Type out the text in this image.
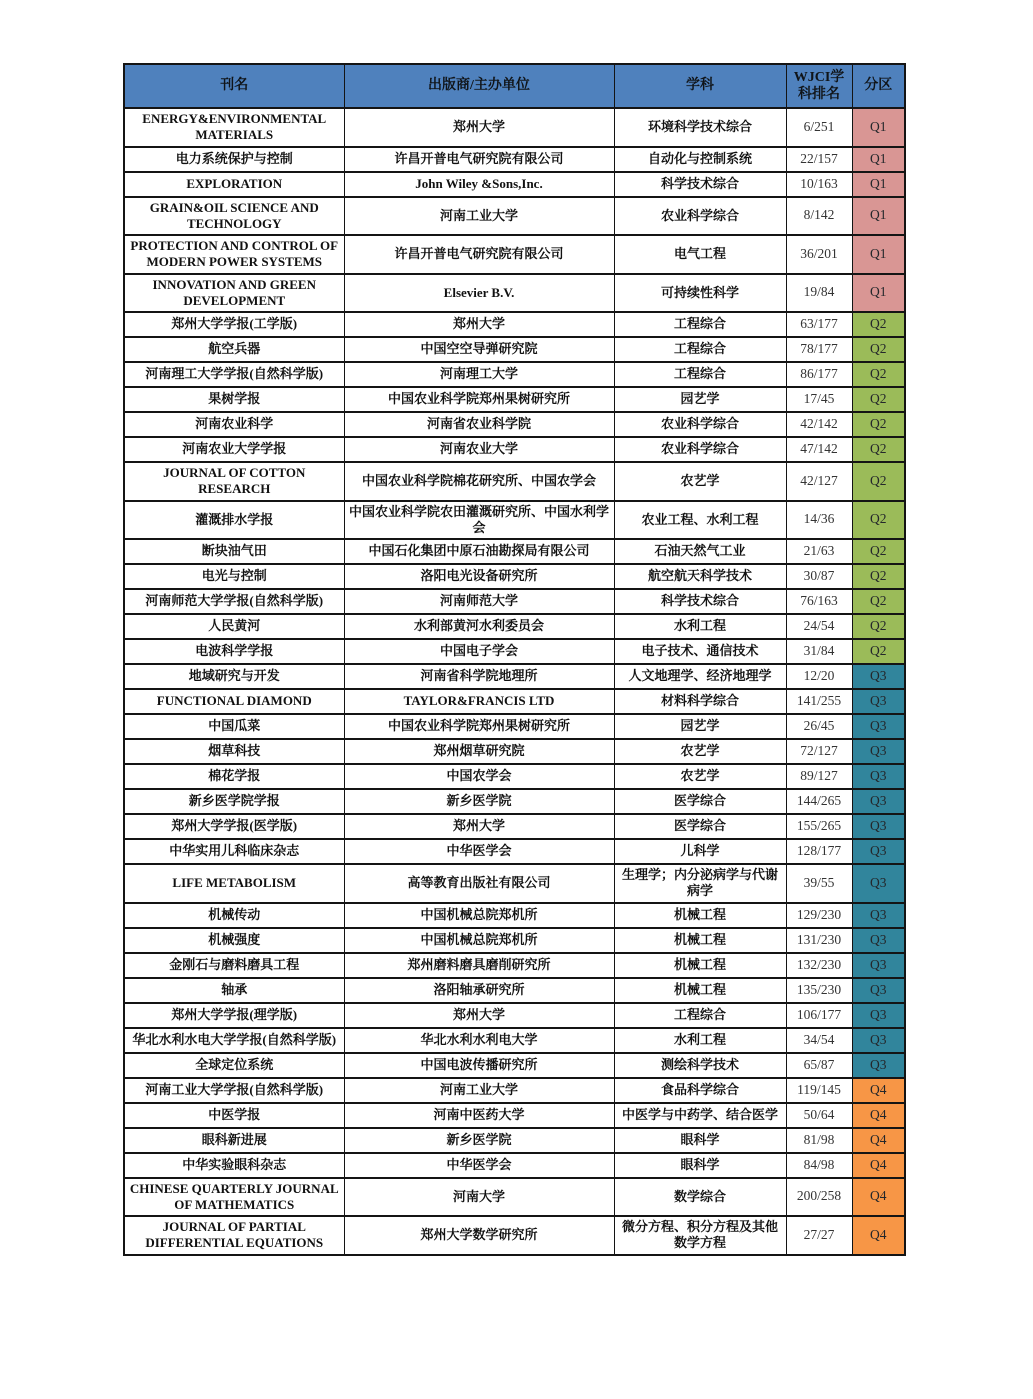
刊名	出版商/主办单位	学科	WJCI学科排名	分区
ENERGY&ENVIRONMENTAL MATERIALS	郑州大学	环境科学技术综合	6/251	Q1
电力系统保护与控制	许昌开普电气研究院有限公司	自动化与控制系统	22/157	Q1
EXPLORATION	John Wiley &Sons,Inc.	科学技术综合	10/163	Q1
GRAIN&OIL SCIENCE AND TECHNOLOGY	河南工业大学	农业科学综合	8/142	Q1
PROTECTION AND CONTROL OF MODERN POWER SYSTEMS	许昌开普电气研究院有限公司	电气工程	36/201	Q1
INNOVATION AND GREEN DEVELOPMENT	Elsevier B.V.	可持续性科学	19/84	Q1
郑州大学学报(工学版)	郑州大学	工程综合	63/177	Q2
航空兵器	中国空空导弹研究院	工程综合	78/177	Q2
河南理工大学学报(自然科学版)	河南理工大学	工程综合	86/177	Q2
果树学报	中国农业科学院郑州果树研究所	园艺学	17/45	Q2
河南农业科学	河南省农业科学院	农业科学综合	42/142	Q2
河南农业大学学报	河南农业大学	农业科学综合	47/142	Q2
JOURNAL OF COTTON RESEARCH	中国农业科学院棉花研究所、中国农学会	农艺学	42/127	Q2
灌溉排水学报	中国农业科学院农田灌溉研究所、中国水利学会	农业工程、水利工程	14/36	Q2
断块油气田	中国石化集团中原石油勘探局有限公司	石油天然气工业	21/63	Q2
电光与控制	洛阳电光设备研究所	航空航天科学技术	30/87	Q2
河南师范大学学报(自然科学版)	河南师范大学	科学技术综合	76/163	Q2
人民黄河	水利部黄河水利委员会	水利工程	24/54	Q2
电波科学学报	中国电子学会	电子技术、通信技术	31/84	Q2
地域研究与开发	河南省科学院地理所	人文地理学、经济地理学	12/20	Q3
FUNCTIONAL DIAMOND	TAYLOR&FRANCIS LTD	材料科学综合	141/255	Q3
中国瓜菜	中国农业科学院郑州果树研究所	园艺学	26/45	Q3
烟草科技	郑州烟草研究院	农艺学	72/127	Q3
棉花学报	中国农学会	农艺学	89/127	Q3
新乡医学院学报	新乡医学院	医学综合	144/265	Q3
郑州大学学报(医学版)	郑州大学	医学综合	155/265	Q3
中华实用儿科临床杂志	中华医学会	儿科学	128/177	Q3
LIFE METABOLISM	高等教育出版社有限公司	生理学；内分泌病学与代谢病学	39/55	Q3
机械传动	中国机械总院郑机所	机械工程	129/230	Q3
机械强度	中国机械总院郑机所	机械工程	131/230	Q3
金刚石与磨料磨具工程	郑州磨料磨具磨削研究所	机械工程	132/230	Q3
轴承	洛阳轴承研究所	机械工程	135/230	Q3
郑州大学学报(理学版)	郑州大学	工程综合	106/177	Q3
华北水利水电大学学报(自然科学版)	华北水利水利电大学	水利工程	34/54	Q3
全球定位系统	中国电波传播研究所	测绘科学技术	65/87	Q3
河南工业大学学报(自然科学版)	河南工业大学	食品科学综合	119/145	Q4
中医学报	河南中医药大学	中医学与中药学、结合医学	50/64	Q4
眼科新进展	新乡医学院	眼科学	81/98	Q4
中华实验眼科杂志	中华医学会	眼科学	84/98	Q4
CHINESE QUARTERLY JOURNAL OF MATHEMATICS	河南大学	数学综合	200/258	Q4
JOURNAL OF PARTIAL DIFFERENTIAL EQUATIONS	郑州大学数学研究所	微分方程、积分方程及其他数学方程	27/27	Q4
